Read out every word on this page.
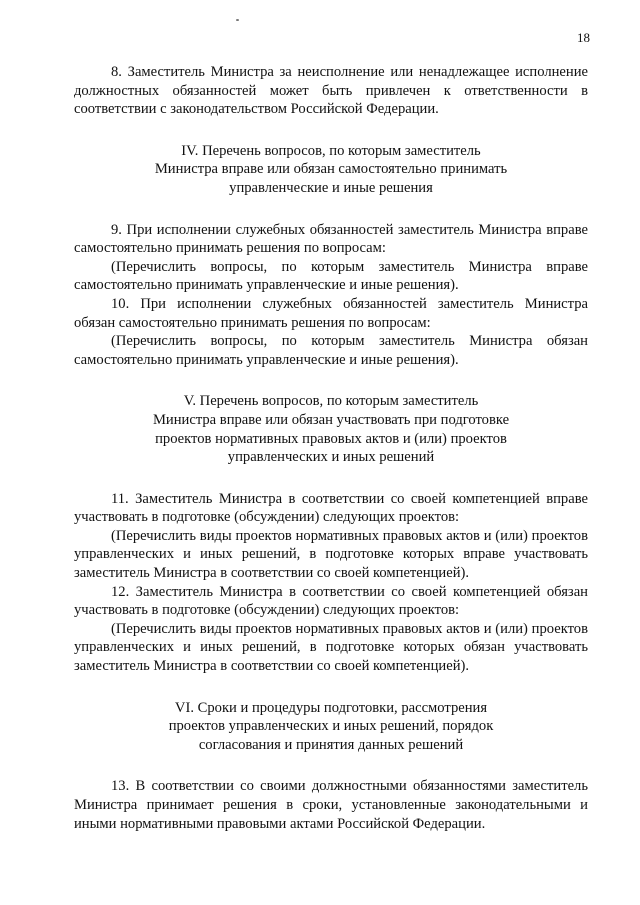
18

8. Заместитель Министра за неисполнение или ненадлежащее исполнение должностных обязанностей может быть привлечен к ответственности в соответствии с законодательством Российской Федерации.

IV. Перечень вопросов, по которым заместитель
Министра вправе или обязан самостоятельно принимать
управленческие и иные решения

9. При исполнении служебных обязанностей заместитель Министра вправе самостоятельно принимать решения по вопросам:

(Перечислить вопросы, по которым заместитель Министра вправе самостоятельно принимать управленческие и иные решения).

10. При исполнении служебных обязанностей заместитель Министра обязан самостоятельно принимать решения по вопросам:

(Перечислить вопросы, по которым заместитель Министра обязан самостоятельно принимать управленческие и иные решения).

V. Перечень вопросов, по которым заместитель
Министра вправе или обязан участвовать при подготовке
проектов нормативных правовых актов и (или) проектов
управленческих и иных решений

11. Заместитель Министра в соответствии со своей компетенцией вправе участвовать в подготовке (обсуждении) следующих проектов:

(Перечислить виды проектов нормативных правовых актов и (или) проектов управленческих и иных решений, в подготовке которых вправе участвовать заместитель Министра в соответствии со своей компетенцией).

12. Заместитель Министра в соответствии со своей компетенцией обязан участвовать в подготовке (обсуждении) следующих проектов:

(Перечислить виды проектов нормативных правовых актов и (или) проектов управленческих и иных решений, в подготовке которых обязан участвовать заместитель Министра в соответствии со своей компетенцией).

VI. Сроки и процедуры подготовки, рассмотрения
проектов управленческих и иных решений, порядок
согласования и принятия данных решений

13. В соответствии со своими должностными обязанностями заместитель Министра принимает решения в сроки, установленные законодательными и иными нормативными правовыми актами Российской Федерации.
